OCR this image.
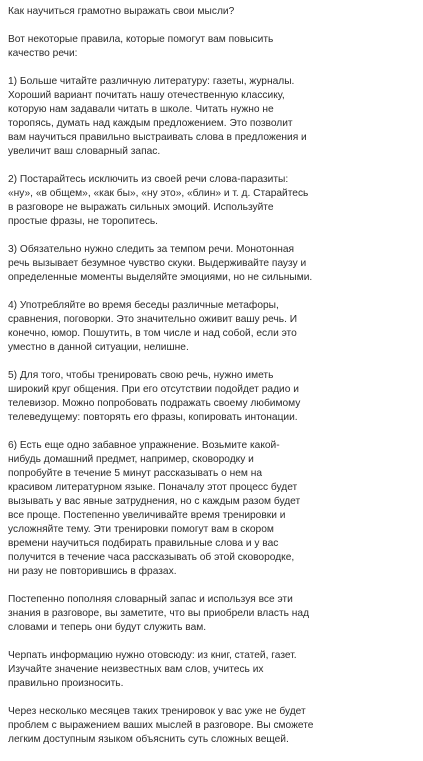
Как научиться грамотно выражать свои мысли?

Вот некоторые правила, которые помогут вам повысить
качество речи:

1) Больше читайте различную литературу: газеты, журналы.
Хороший вариант почитать нашу отечественную классику,
которую нам задавали читать в школе. Читать нужно не
торопясь, думать над каждым предложением. Это позволит
вам научиться правильно выстраивать слова в предложения и
увеличит ваш словарный запас.

2) Постарайтесь исключить из своей речи слова-паразиты:
«ну», «в общем», «как бы», «ну это», «блин» и т. д. Старайтесь
в разговоре не выражать сильных эмоций. Используйте
простые фразы, не торопитесь.

3) Обязательно нужно следить за темпом речи. Монотонная
речь вызывает безумное чувство скуки. Выдерживайте паузу и
определенные моменты выделяйте эмоциями, но не сильными.

4) Употребляйте во время беседы различные метафоры,
сравнения, поговорки. Это значительно оживит вашу речь. И
конечно, юмор. Пошутить, в том числе и над собой, если это
уместно в данной ситуации, нелишне.

5) Для того, чтобы тренировать свою речь, нужно иметь
широкий круг общения. При его отсутствии подойдет радио и
телевизор. Можно попробовать подражать своему любимому
телеведущему: повторять его фразы, копировать интонации.

6) Есть еще одно забавное упражнение. Возьмите какой-
нибудь домашний предмет, например, сковородку и
попробуйте в течение 5 минут рассказывать о нем на
красивом литературном языке. Поначалу этот процесс будет
вызывать у вас явные затруднения, но с каждым разом будет
все проще. Постепенно увеличивайте время тренировки и
усложняйте тему. Эти тренировки помогут вам в скором
времени научиться подбирать правильные слова и у вас
получится в течение часа рассказывать об этой сковородке,
ни разу не повторившись в фразах.

Постепенно пополняя словарный запас и используя все эти
знания в разговоре, вы заметите, что вы приобрели власть над
словами и теперь они будут служить вам.

Черпать информацию нужно отовсюду: из книг, статей, газет.
Изучайте значение неизвестных вам слов, учитесь их
правильно произносить.

Через несколько месяцев таких тренировок у вас уже не будет
проблем с выражением ваших мыслей в разговоре. Вы сможете
легким доступным языком объяснить суть сложных вещей.
